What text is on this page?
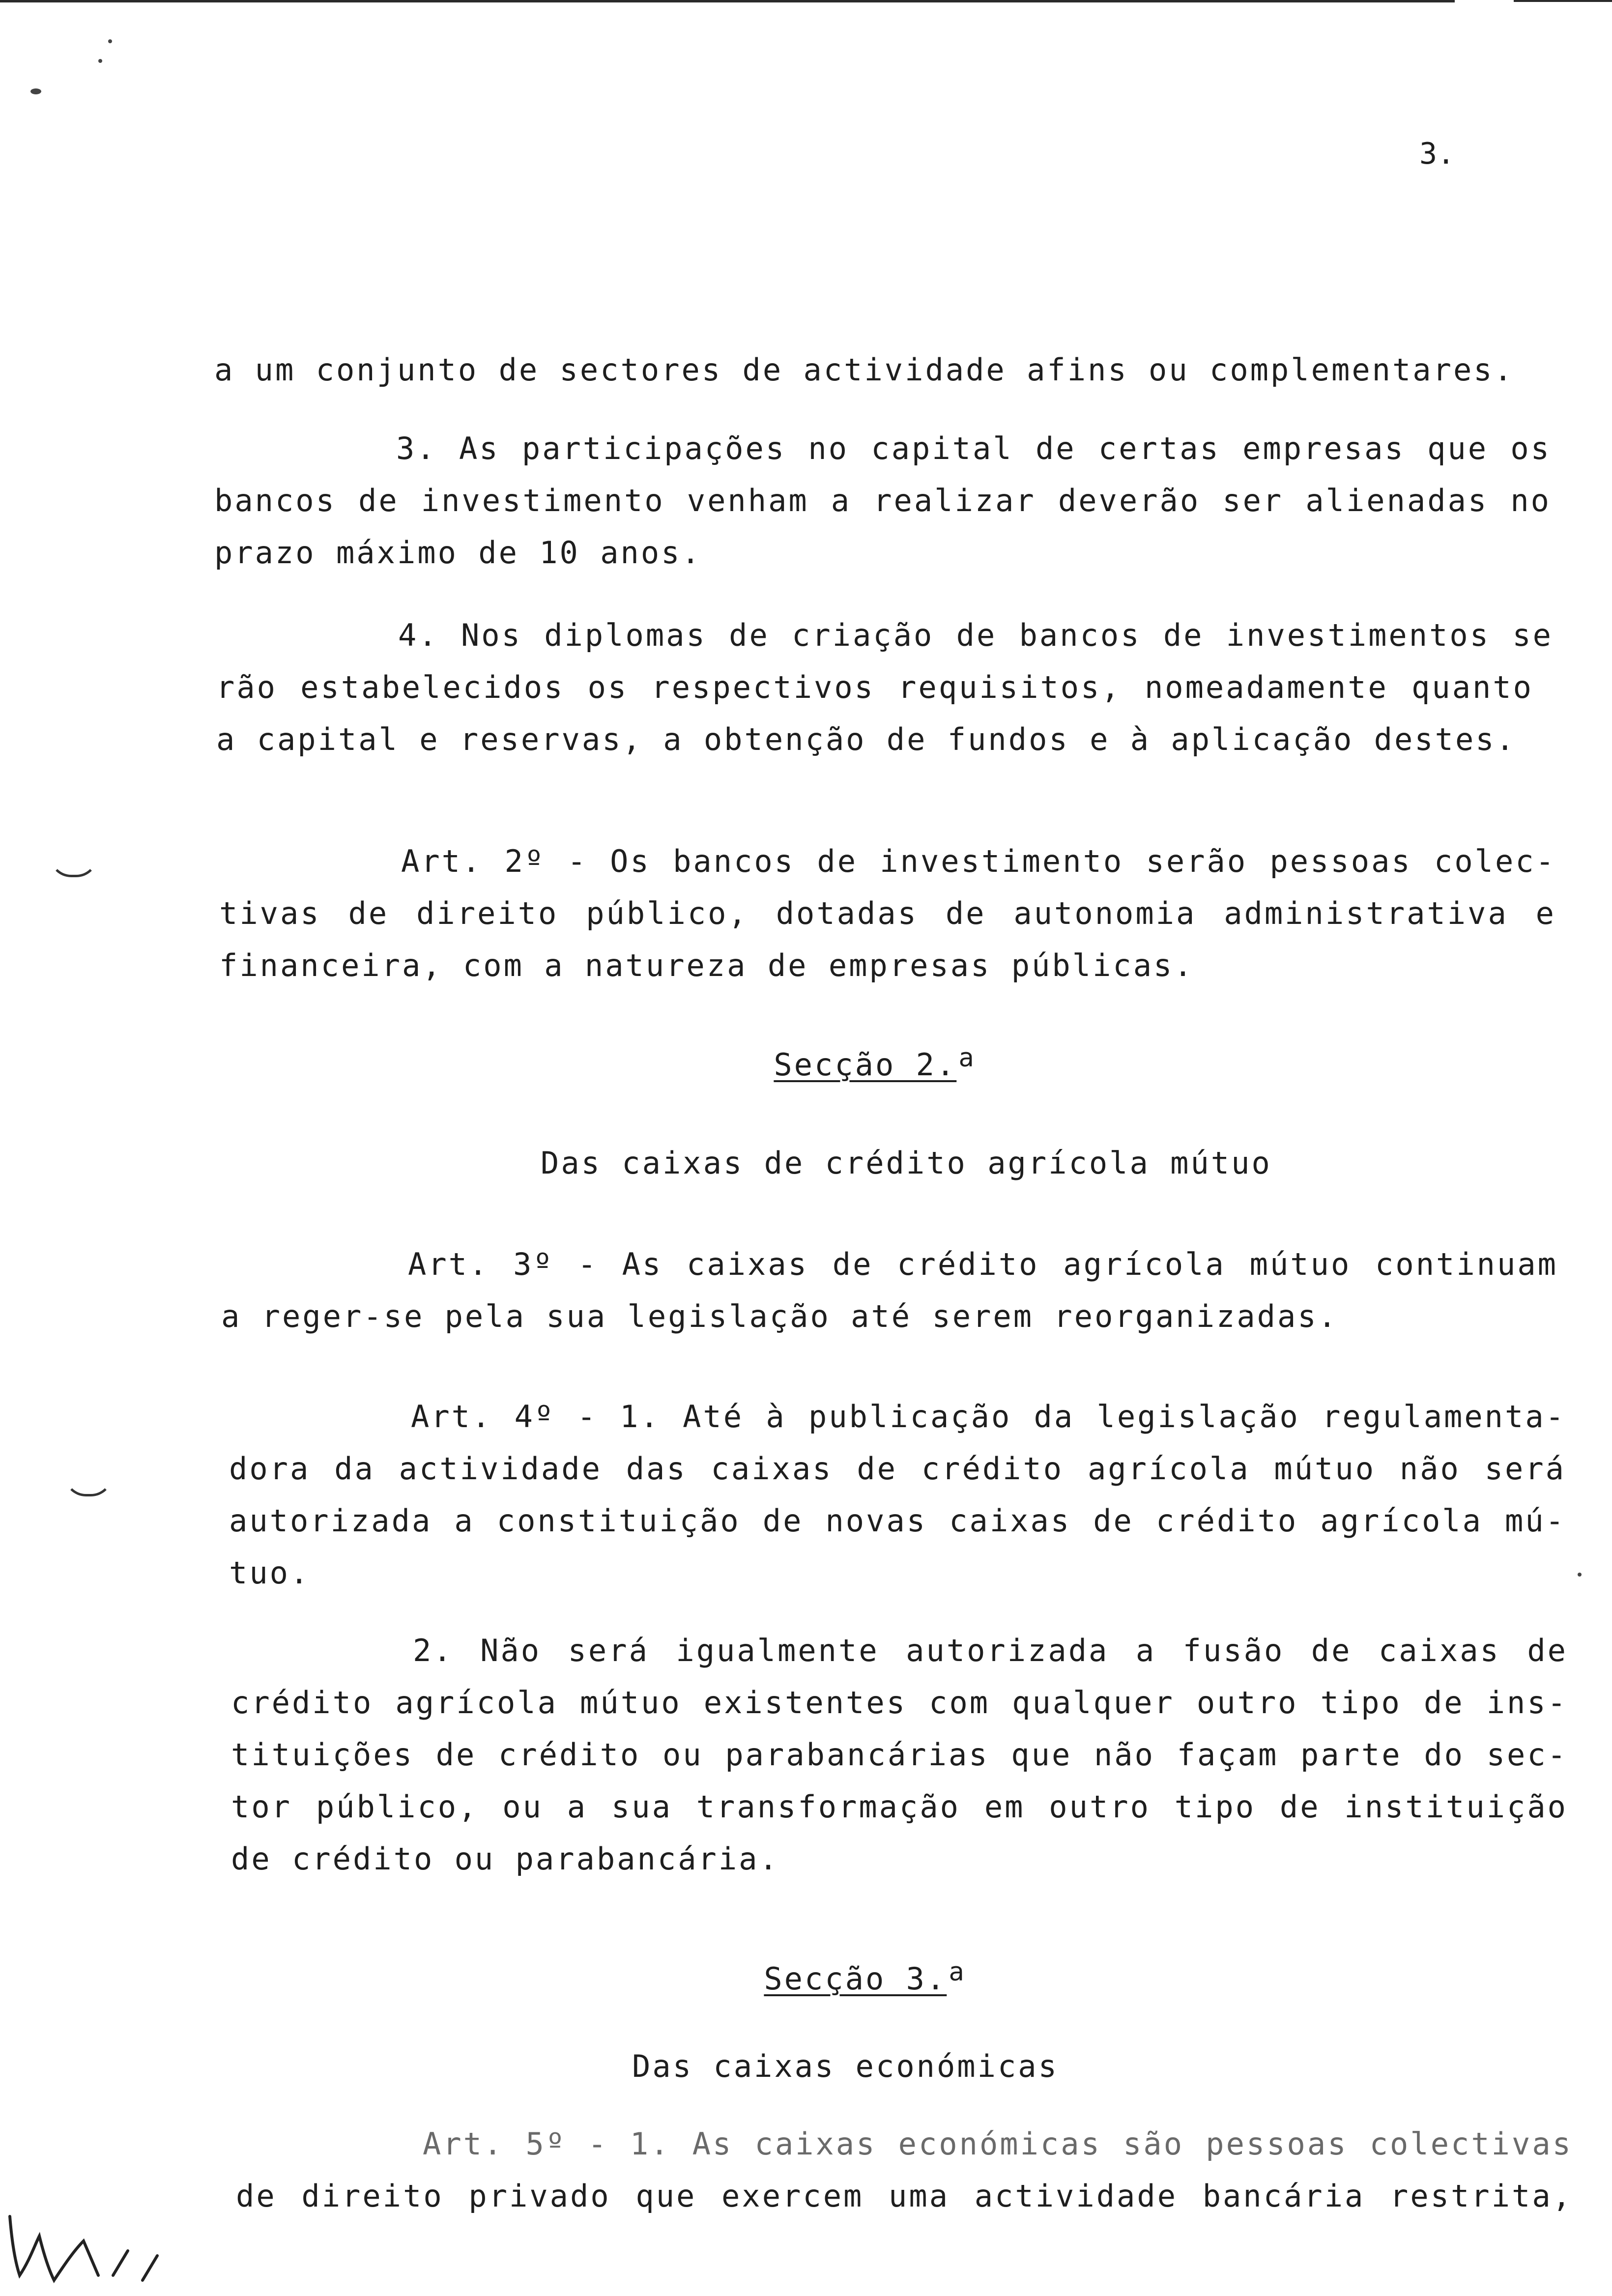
3.
a um conjunto de sectores de actividade afins ou complementares.
3. As participações no capital de certas empresas que os
bancos de investimento venham a realizar deverão ser alienadas no
prazo máximo de 10 anos.
4. Nos diplomas de criação de bancos de investimentos se
rão estabelecidos os respectivos requisitos, nomeadamente quanto
a capital e reservas, a obtenção de fundos e à aplicação destes.
Art. 2º - Os bancos de investimento serão pessoas colec-
tivas de direito público, dotadas de autonomia administrativa e
financeira, com a natureza de empresas públicas.
Secção 2.$^a$
Das caixas de crédito agrícola mútuo
Art. 3º - As caixas de crédito agrícola mútuo continuam
a reger-se pela sua legislação até serem reorganizadas.
Art. 4º - 1. Até à publicação da legislação regulamenta-
dora da actividade das caixas de crédito agrícola mútuo não será
autorizada a constituição de novas caixas de crédito agrícola mú-
tuo.
2. Não será igualmente autorizada a fusão de caixas de
crédito agrícola mútuo existentes com qualquer outro tipo de ins-
tituições de crédito ou parabancárias que não façam parte do sec-
tor público, ou a sua transformação em outro tipo de instituição
de crédito ou parabancária.
Secção 3.$^a$
Das caixas económicas
Art. 5º - 1. As caixas económicas são pessoas colectivas
de direito privado que exercem uma actividade bancária restrita,
